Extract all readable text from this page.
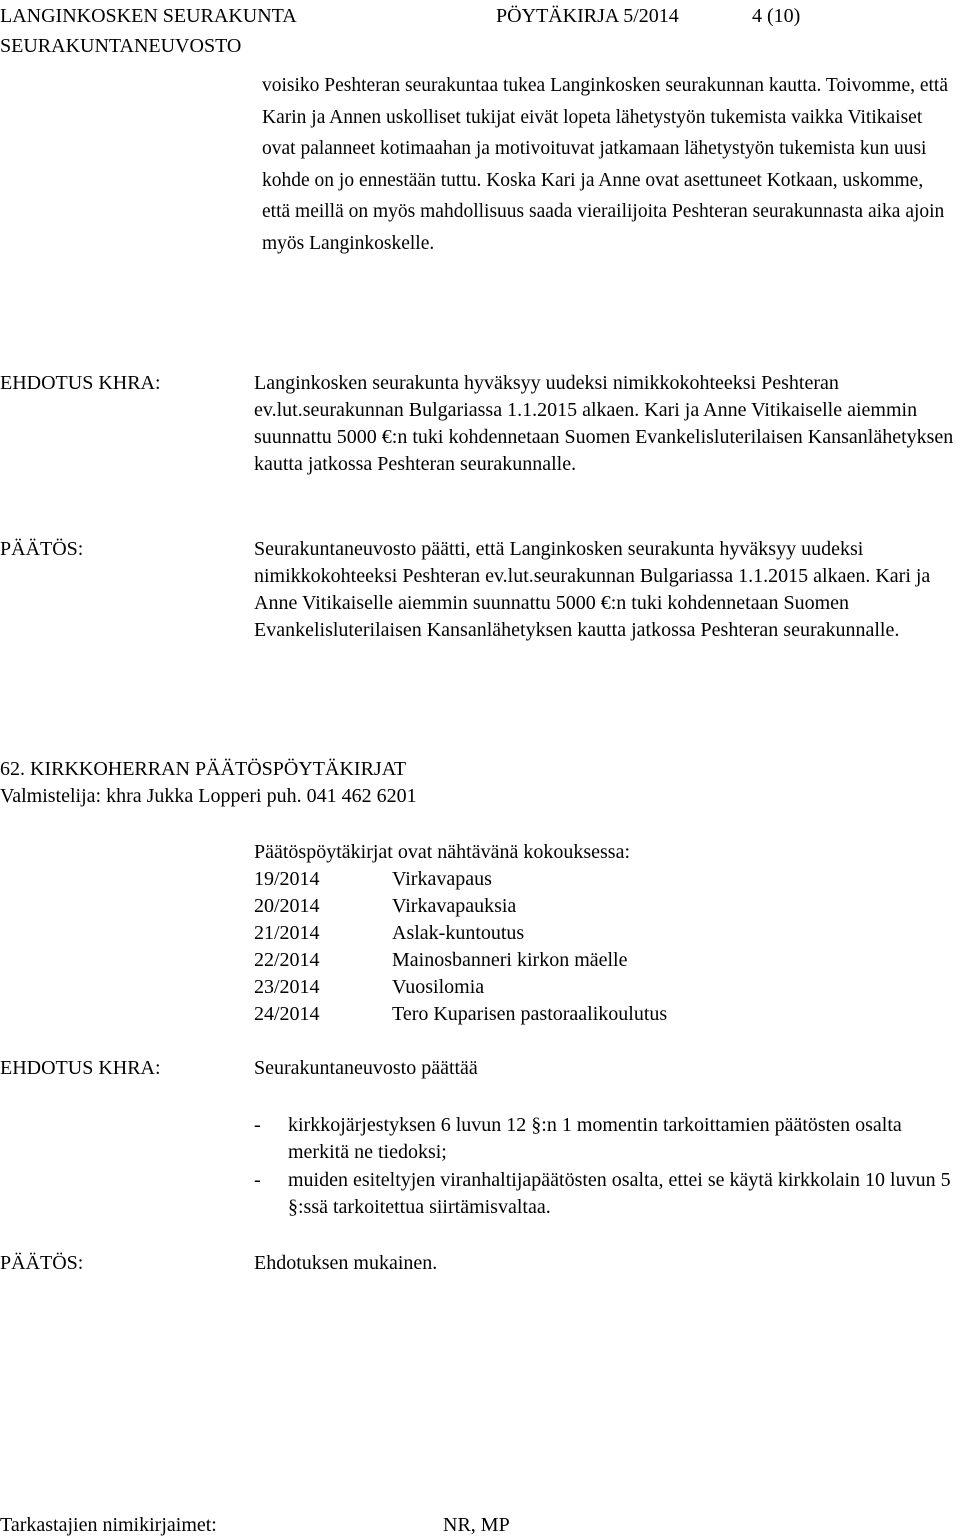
LANGINKOSKEN SEURAKUNTA	PÖYTÄKIRJA 5/2014	4 (10)
SEURAKUNTANEUVOSTO
voisiko Peshteran seurakuntaa tukea Langinkosken seurakunnan kautta. Toivomme, että Karin ja Annen uskolliset tukijat eivät lopeta lähetystyön tukemista vaikka Vitikaiset ovat palanneet kotimaahan ja motivoituvat jatkamaan lähetystyön tukemista kun uusi kohde on jo ennestään tuttu. Koska Kari ja Anne ovat asettuneet Kotkaan, uskomme, että meillä on myös mahdollisuus saada vierailijoita Peshteran seurakunnasta aika ajoin myös Langinkoskelle.
EHDOTUS KHRA:	Langinkosken seurakunta hyväksyy uudeksi nimikkokohteeksi Peshteran ev.lut.seurakunnan Bulgariassa 1.1.2015 alkaen. Kari ja Anne Vitikaiselle aiemmin suunnattu 5000 €:n tuki kohdennetaan Suomen Evankelisluterilaisen Kansanlähetyksen kautta jatkossa Peshteran seurakunnalle.
PÄÄTÖS:	Seurakuntaneuvosto päätti, että Langinkosken seurakunta hyväksyy uudeksi nimikkokohteeksi Peshteran ev.lut.seurakunnan Bulgariassa 1.1.2015 alkaen. Kari ja Anne Vitikaiselle aiemmin suunnattu 5000 €:n tuki kohdennetaan Suomen Evankelisluterilaisen Kansanlähetyksen kautta jatkossa Peshteran seurakunnalle.
62. KIRKKOHERRAN PÄÄTÖSPÖYTÄKIRJAT
Valmistelija: khra Jukka Lopperi puh. 041 462 6201
Päätöspöytäkirjat ovat nähtävänä kokouksessa:
19/2014	Virkavapaus
20/2014	Virkavapauksia
21/2014	Aslak-kuntoutus
22/2014	Mainosbanneri kirkon mäelle
23/2014	Vuosilomia
24/2014	Tero Kuparisen pastoraalikoulutus
EHDOTUS KHRA:	Seurakuntaneuvosto päättää
- kirkkojärjestyksen 6 luvun 12 §:n 1 momentin tarkoittamien päätösten osalta merkitä ne tiedoksi;
- muiden esiteltyjen viranhaltijapäätösten osalta, ettei se käytä kirkkolain 10 luvun 5 §:ssä tarkoitettua siirtämisvaltaa.
PÄÄTÖS:	Ehdotuksen mukainen.
Tarkastajien nimikirjaimet:	NR, MP
